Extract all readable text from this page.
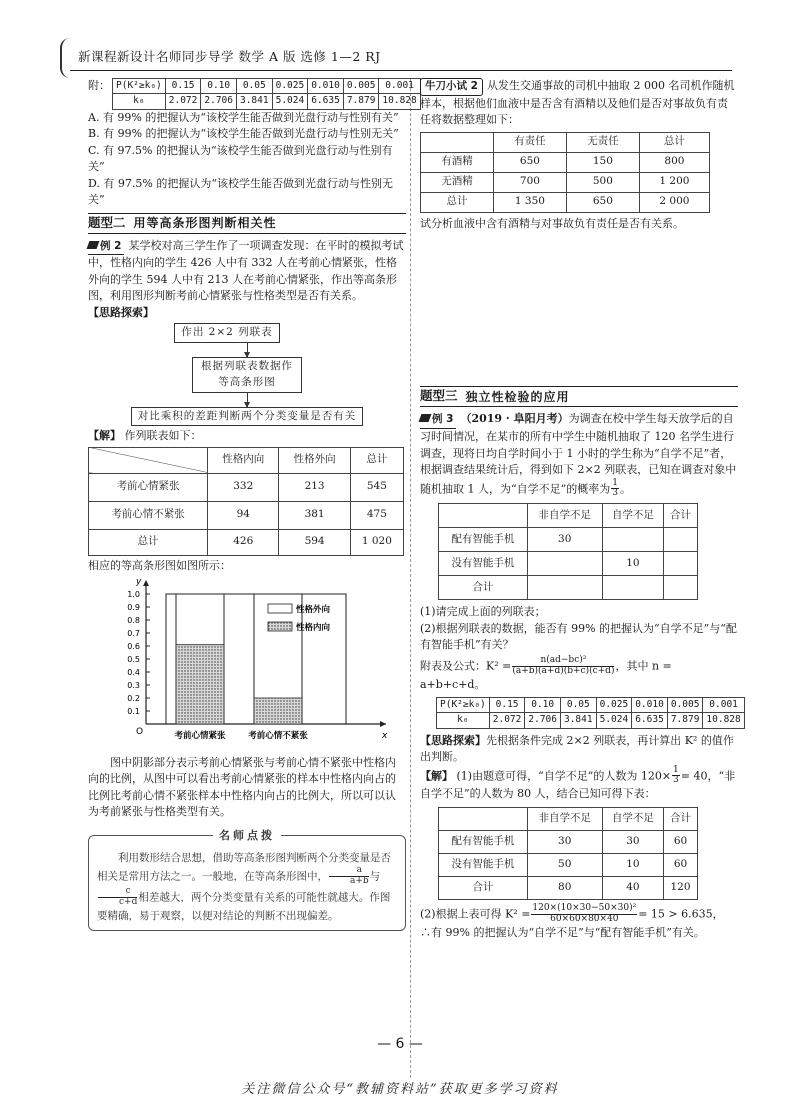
新课程新设计名师同步导学 数学 A 版 选修 1—2 RJ
附： P(K²≥k₀)	0.15	0.10	0.05	0.025	0.010	0.005	0.001
k₀	2.072	2.706	3.841	5.024	6.635	7.879	10.828
A. 有 99% 的把握认为“该校学生能否做到光盘行动与性别有关”
B. 有 99% 的把握认为“该校学生能否做到光盘行动与性别无关”
C. 有 97.5% 的把握认为“该校学生能否做到光盘行动与性别有关”
D. 有 97.5% 的把握认为“该校学生能否做到光盘行动与性别无关”
题型二 用等高条形图判断相关性
例 2 某学校对高三学生作了一项调查发现：在平时的模拟考试中，性格内向的学生 426 人中有 332 人在考前心情紧张，性格外向的学生 594 人中有 213 人在考前心情紧张，作出等高条形图，利用图形判断考前心情紧张与性格类型是否有关系。
【思路探索】
作出 2×2 列联表
根据列联表数据作等高条形图
对比乘积的差距判断两个分类变量是否有关
【解】 作列联表如下：
	性格内向	性格外向	总计
考前心情紧张	332	213	545
考前心情不紧张	94	381	475
总计	426	594	1 020
相应的等高条形图如图所示：
y
x
O
0.1
0.2
0.3
0.4
0.5
0.6
0.7
0.8
0.9
1.0
考前心情紧张	考前心情不紧张
性格外向
性格内向
图中阴影部分表示考前心情紧张与考前心情不紧张中性格内向的比例，从图中可以看出考前心情紧张的样本中性格内向占的比例比考前心情不紧张样本中性格内向占的比例大，所以可以认为考前紧张与性格类型有关。
名师点拨
利用数形结合思想，借助等高条形图判断两个分类变量是否相关是常用方法之一。一般地，在等高条形图中， $\frac{a}{a+b}$ 与
$\frac{c}{c+d}$ 相差越大，两个分类变量有关系的可能性就越大。作图要精确，易于观察，以便对结论的判断不出现偏差。
牛刀小试 2 从发生交通事故的司机中抽取 2 000 名司机作随机样本，根据他们血液中是否含有酒精以及他们是否对事故负有责任将数据整理如下：
	有责任	无责任	总计
有酒精	650	150	800
无酒精	700	500	1 200
总计	1 350	650	2 000
试分析血液中含有酒精与对事故负有责任是否有关系。
题型三 独立性检验的应用
例 3 （2019 · 阜阳月考）为调查在校中学生每天放学后的自习时间情况，在某市的所有中学生中随机抽取了 120 名学生进行调查，现将日均自学时间小于 1 小时的学生称为“自学不足”者，根据调查结果统计后，得到如下 2×2 列联表，已知在调查对象中随机抽取 1 人，为“自学不足”的概率为 $\frac{1}{3}$ 。
	非自学不足	自学不足	合计
配有智能手机	30		
没有智能手机		10	
合计			
(1)请完成上面的列联表；
(2)根据列联表的数据，能否有 99% 的把握认为“自学不足”与“配有智能手机”有关？
附表及公式：$K^2 = \frac{\text{n(ad−bc)²}}{(a+b)(a+d)(b+c)(c+d)}$ ，其中 n = a+b+c+d。
P(K²≥k₀)	0.15	0.10	0.05	0.025	0.010	0.005	0.001
k₀	2.072	2.706	3.841	5.024	6.635	7.879	10.828
【思路探索】先根据条件完成 2×2 列联表，再计算出 K² 的值作出判断。
【解】 (1)由题意可得，“自学不足”的人数为 $120\times \frac{1}{3} = 40$，“非自学不足”的人数为 80 人，结合已知可得下表：
	非自学不足	自学不足	合计
配有智能手机	30	30	60
没有智能手机	50	10	60
合计	80	40	120
(2)根据上表可得 $K^2 = \frac{\text{120×(10×30−50×30)²}}{60\times 60\times 80\times 40} = 15 > 6.635$，
∴有 99% 的把握认为“自学不足”与“配有智能手机”有关。
— 6 —
关注微信公众号“教辅资料站”获取更多学习资料
